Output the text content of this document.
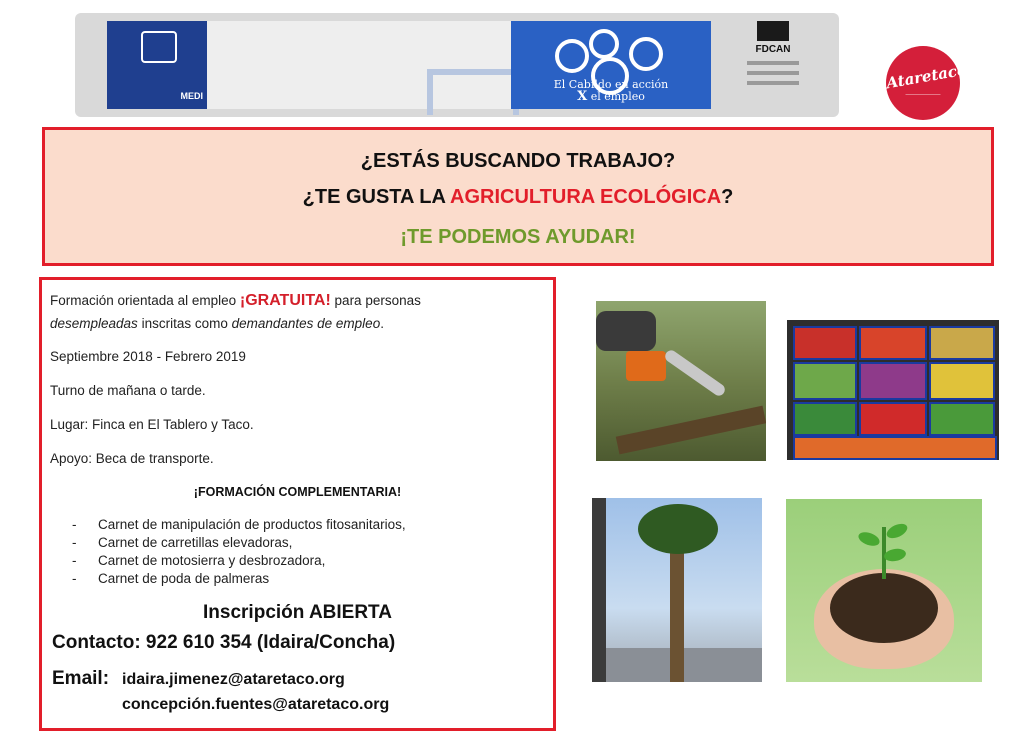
MEDI
El Cabildo en acción
X el empleo
FDCAN
Ataretaco
———————
¿ESTÁS BUSCANDO TRABAJO?
¿TE GUSTA LA AGRICULTURA ECOLÓGICA?
¡TE PODEMOS AYUDAR!
Formación orientada al empleo ¡GRATUITA! para personas
desempleadas inscritas como demandantes de empleo.
Septiembre 2018 - Febrero 2019
Turno de mañana o tarde.
Lugar: Finca en El Tablero y Taco.
Apoyo: Beca de transporte.
¡FORMACIÓN COMPLEMENTARIA!
- Carnet de manipulación de productos fitosanitarios,
- Carnet de carretillas elevadoras,
- Carnet de motosierra y desbrozadora,
- Carnet de poda de palmeras
Inscripción ABIERTA
Contacto: 922 610 354 (Idaira/Concha)
Email: idaira.jimenez@ataretaco.org
concepción.fuentes@ataretaco.org
